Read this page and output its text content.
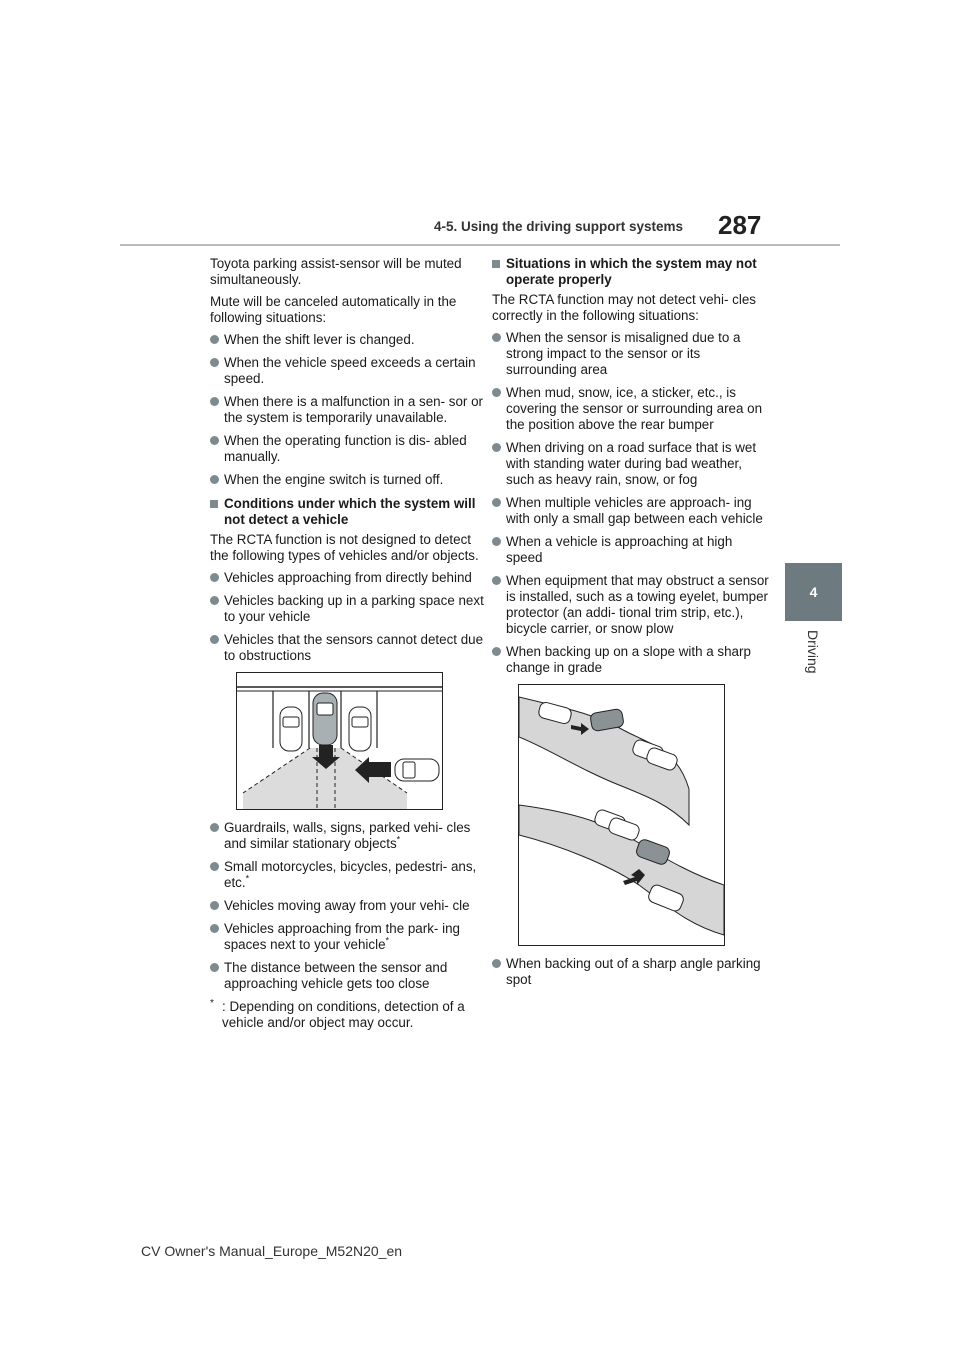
4-5. Using the driving support systems 287
4
Driving

Toyota parking assist-sensor will be muted simultaneously.

Mute will be canceled automatically in the following situations:

When the shift lever is changed.
When the vehicle speed exceeds a certain speed.
When there is a malfunction in a sen- sor or the system is temporarily unavailable.
When the operating function is dis- abled manually.
When the engine switch is turned off.
Conditions under which the system will not detect a vehicle

The RCTA function is not designed to detect the following types of vehicles and/or objects.

Vehicles approaching from directly behind
Vehicles backing up in a parking space next to your vehicle
Vehicles that the sensors cannot detect due to obstructions
Guardrails, walls, signs, parked vehi- cles and similar stationary objects*
Small motorcycles, bicycles, pedestri- ans, etc.*
Vehicles moving away from your vehi- cle
Vehicles approaching from the park- ing spaces next to your vehicle*
The distance between the sensor and approaching vehicle gets too close
* : Depending on conditions, detection of a vehicle and/or object may occur.
Situations in which the system may not operate properly

The RCTA function may not detect vehi- cles correctly in the following situations:

When the sensor is misaligned due to a strong impact to the sensor or its surrounding area
When mud, snow, ice, a sticker, etc., is covering the sensor or surrounding area on the position above the rear bumper
When driving on a road surface that is wet with standing water during bad weather, such as heavy rain, snow, or fog
When multiple vehicles are approach- ing with only a small gap between each vehicle
When a vehicle is approaching at high speed
When equipment that may obstruct a sensor is installed, such as a towing eyelet, bumper protector (an addi- tional trim strip, etc.), bicycle carrier, or snow plow
When backing up on a slope with a sharp change in grade
When backing out of a sharp angle parking spot
CV Owner's Manual_Europe_M52N20_en
